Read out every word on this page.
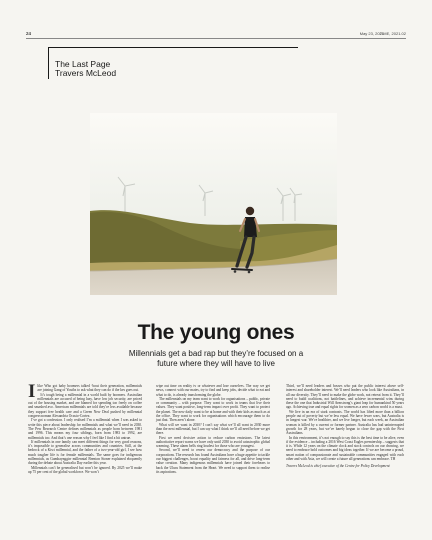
24	May 23, 2021
TIME, 2021.02
The Last Page
Travers McLeod
The young ones
Millennials get a bad rap but they’re focused on a future where they will have to live

Ilike Who got baby boomers talked ‘bout their generation, millennials are joining Gang of Youths to ask what they can do if the kes goes out.

It’s tough being a millennial in a world built by boomers. Australian millennials are accused of being lazy, have low job security, are priced out of the housing market, and are blamed for spending too freely on coffee and smashed avo. American millennials are told they’re less available because they support free health care and a Green New Deal pushed by millennial congresswoman Alexandria Ocasio-Cortez.

I’ve got a confession. I only realised I’m a millennial when I was asked to write this piece about leadership for millennials and what we’ll need in 2030. The Pew Research Centre defines millennials as people born between 1981 and 1996. This means my four siblings, born from 1983 to 1992, are millennials too. And that’s one reason why I feel like I find a bit untrue.

If millennials in one family can meet different things for very good reasons, it’s impossible to generalise across communities and countries. Still, at the bedrock of a Kiwi millennial, and the father of a two-year-old girl, I see how much tougher life is for female millennials. The same goes for indigenous millennials, as Gumbaynggirr millennial Brenton Stoner explained eloquently during the debate about Australia Day earlier this year.

Millennials can’t be generalised but won’t be ignored. By 2025 we’ll make up 75 per cent of the global workforce. We won’t

wipe out time on reality tv or whatever and lose ourselves. The way we get news, connect with our mates, try to find and keep jobs, decide what to eat and what to do, is already transforming the globe.

The millennials on my team want to work for organisations – public, private or community – with purpose. They want to work in teams that live their values. They want positive, long-term impact over profit. They want to protect the planet. The new daily want to be at home and with their kids as much as at the office. They want to work for organisations which encourage them to do just that. Then aren’t alone.

What will we want in 2030? I can’t say what we’ll all want in 2030 more than the next millennial, but I can say what I think we’ll all need before we get there.

First we need decisive action to reduce carbon emissions. The latest authoritative report warns we have only until 2030 to avoid catastrophic global warming. These alarm bells ring loudest for those who are youngest.

Second, we’ll need to renew our democracy and the purpose of our corporations. The research has found Australians have a huge appetite to tackle our biggest challenges, boost equality and fairness for all, and drive long-term value creation. Many indigenous millennials have joined their forebears to back the Uluru Statement from the Heart. We need to support them to realise its aspirations.

Third, we’ll need leaders and bosses who put the public interest above self-interest and shareholder interest. We’ll need leaders who look like Australians, in all our diversity. They’ll need to make the globe work, not retreat from it. They’ll need to build coalitions, not battlelines, and achieve incremental wins during these the one that Industrial Will Armstrong’s giant leap for humankind 50 years ago. Achieving true and equal rights for women as a zero carbon world is a must.

We live in an era of stark contrasts. The world has lifted more than a billion people out of poverty but we’re less equal. We have fewer wars, but Australia is in longest war. We’re healthier, and we live longer, but each week, an Australian woman is killed by a current or former partner. Australia has had uninterrupted growth for 28 years, but we’ve barely begun to close the gap with the First Australians.

In this environment, it’s not enough to say this is the best time to be alive, even if the evidence – including a 2016 West Coast Eagles premiership – suggests that it is. While 12 years on the climate clock and stock controls on our drawing, we need to embrace bold outcomes and big ideas together. If we are become a proud, smart nation of compassionate and sustainable communities engaged with each other and with Asia, we will create a future all generations can embrace. TH

Travers McLeod is chief executive of the Centre for Policy Development
